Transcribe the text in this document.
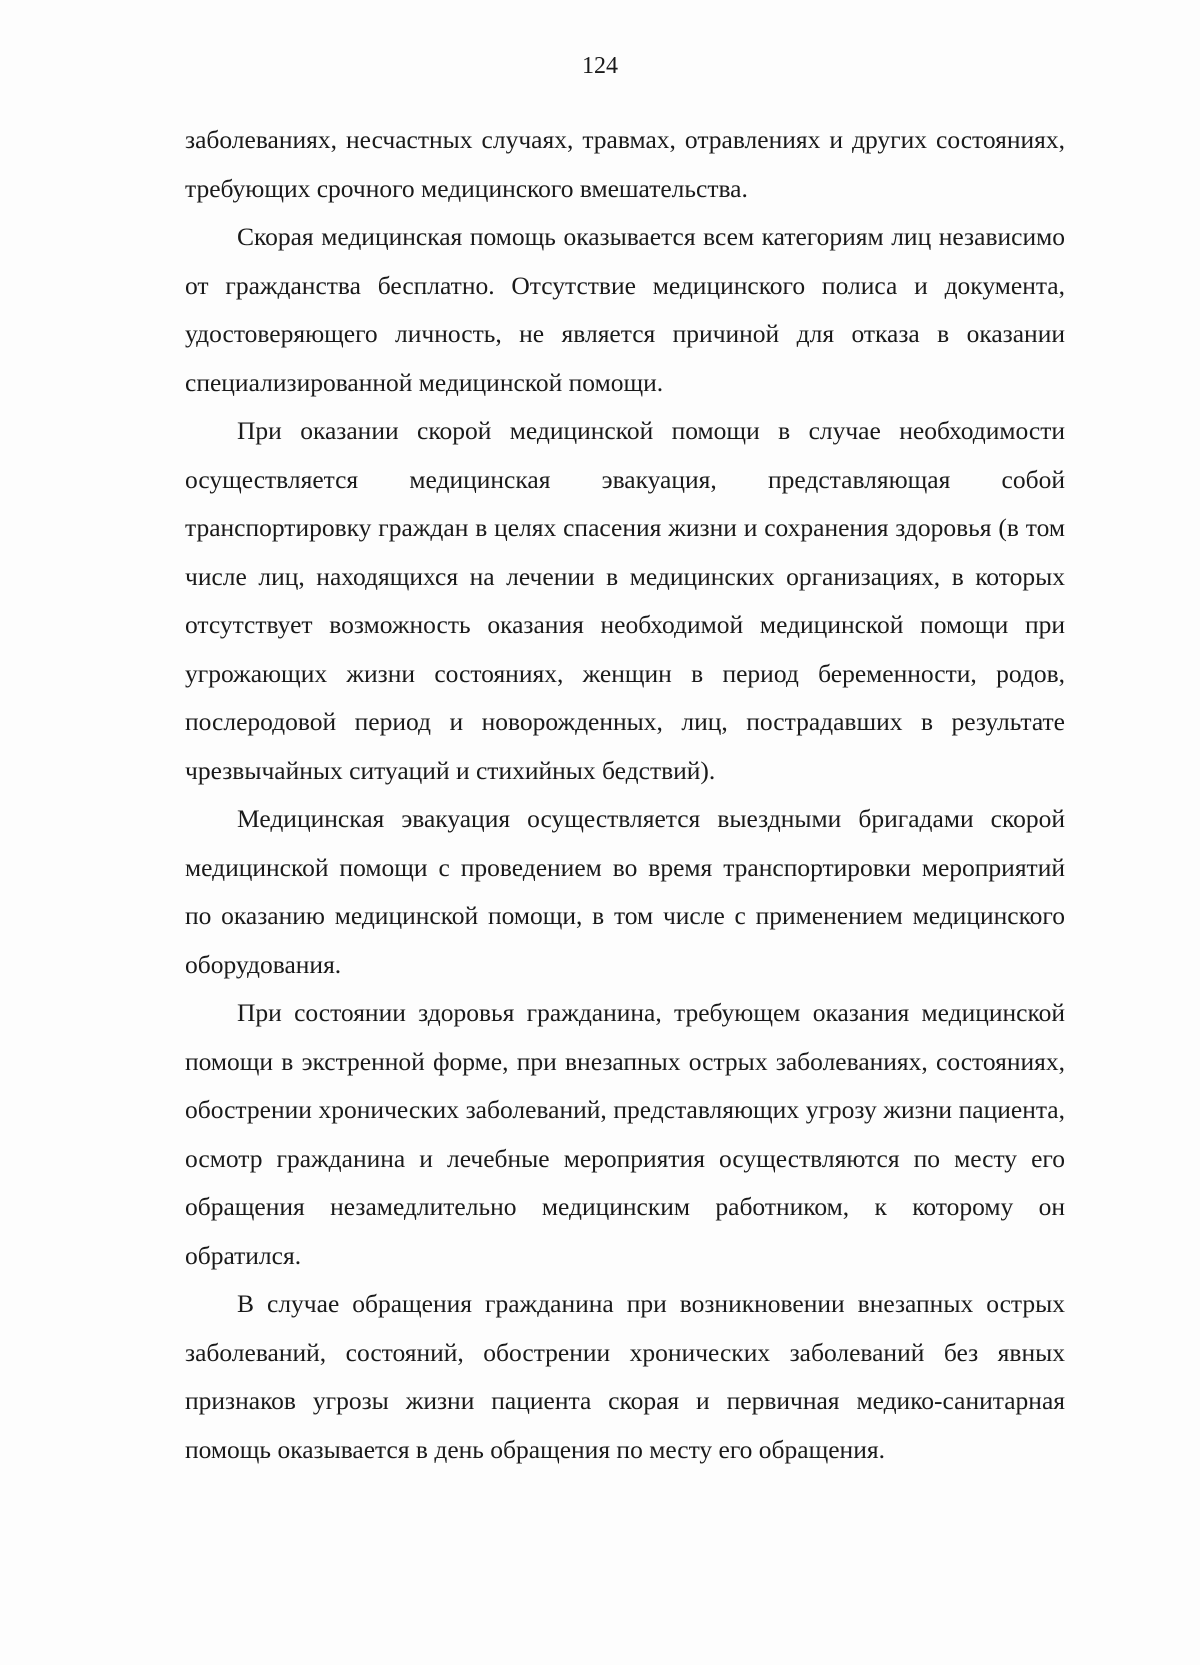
124

заболеваниях, несчастных случаях, травмах, отравлениях и других состояниях, требующих срочного медицинского вмешательства.

Скорая медицинская помощь оказывается всем категориям лиц независимо от гражданства бесплатно. Отсутствие медицинского полиса и документа, удостоверяющего личность, не является причиной для отказа в оказании специализированной медицинской помощи.

При оказании скорой медицинской помощи в случае необходимости осуществляется медицинская эвакуация, представляющая собой транспортировку граждан в целях спасения жизни и сохранения здоровья (в том числе лиц, находящихся на лечении в медицинских организациях, в которых отсутствует возможность оказания необходимой медицинской помощи при угрожающих жизни состояниях, женщин в период беременности, родов, послеродовой период и новорожденных, лиц, пострадавших в результате чрезвычайных ситуаций и стихийных бедствий).

Медицинская эвакуация осуществляется выездными бригадами скорой медицинской помощи с проведением во время транспортировки мероприятий по оказанию медицинской помощи, в том числе с применением медицинского оборудования.

При состоянии здоровья гражданина, требующем оказания медицинской помощи в экстренной форме, при внезапных острых заболеваниях, состояниях, обострении хронических заболеваний, представляющих угрозу жизни пациента, осмотр гражданина и лечебные мероприятия осуществляются по месту его обращения незамедлительно медицинским работником, к которому он обратился.

В случае обращения гражданина при возникновении внезапных острых заболеваний, состояний, обострении хронических заболеваний без явных признаков угрозы жизни пациента скорая и первичная медико-санитарная помощь оказывается в день обращения по месту его обращения.
